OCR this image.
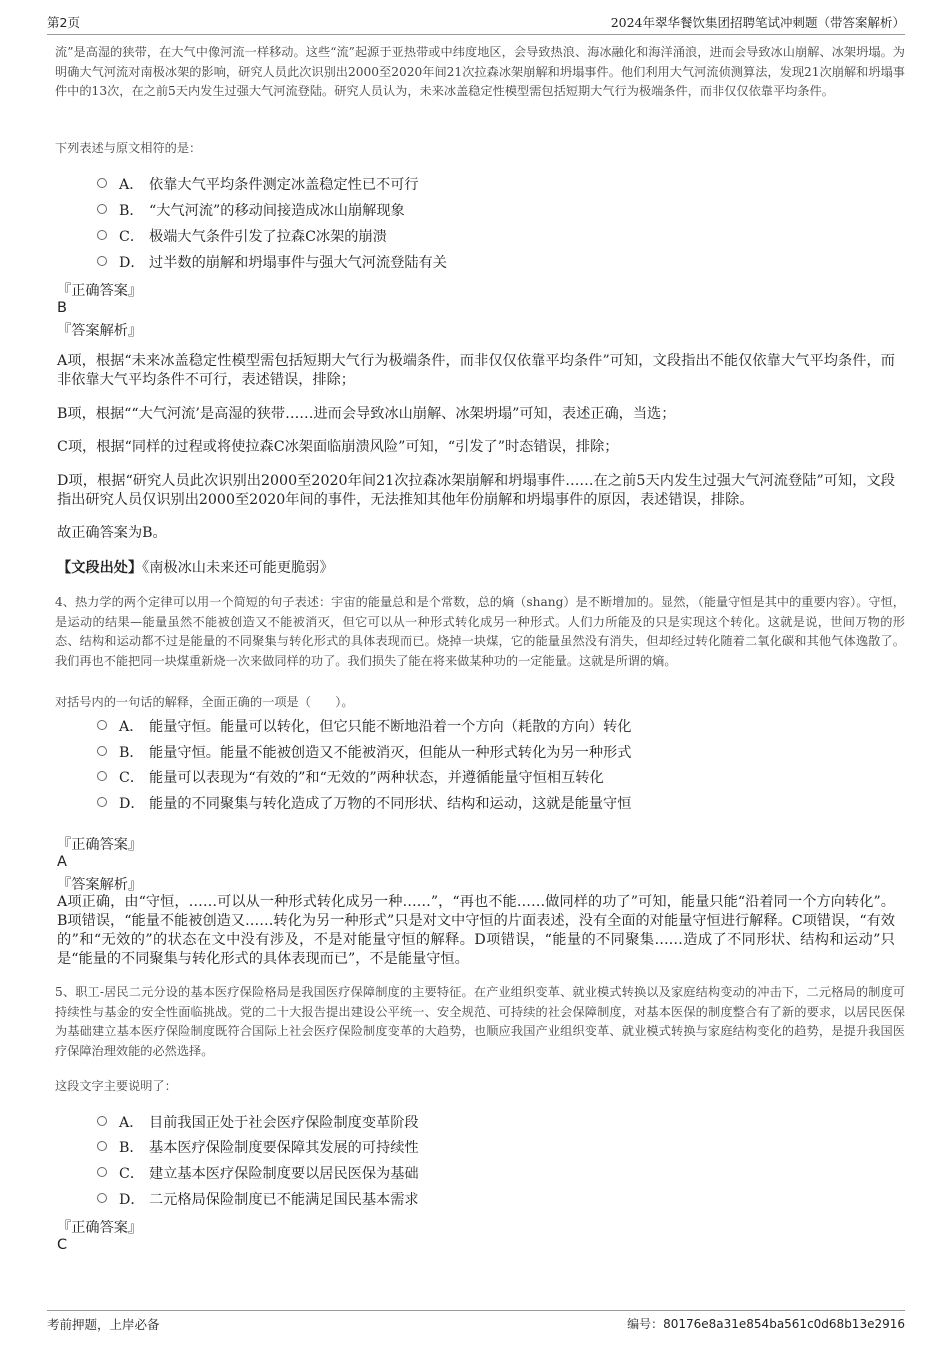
第2页	2024年翠华餐饮集团招聘笔试冲刺题（带答案解析）
流”是高湿的狭带，在大气中像河流一样移动。这些“流”起源于亚热带或中纬度地区，会导致热浪、海冰融化和海洋涌浪，进而会导致冰山崩解、冰架坍塌。为明确大气河流对南极冰架的影响，研究人员此次识别出2000至2020年间21次拉森冰架崩解和坍塌事件。他们利用大气河流侦测算法，发现21次崩解和坍塌事件中的13次，在之前5天内发生过强大气河流登陆。研究人员认为，未来冰盖稳定性模型需包括短期大气行为极端条件，而非仅仅依靠平均条件。
下列表述与原文相符的是：
A． 依靠大气平均条件测定冰盖稳定性已不可行
B． “大气河流”的移动间接造成冰山崩解现象
C． 极端大气条件引发了拉森C冰架的崩溃
D． 过半数的崩解和坍塌事件与强大气河流登陆有关
『正确答案』
B
『答案解析』
A项，根据“未来冰盖稳定性模型需包括短期大气行为极端条件，而非仅仅依靠平均条件”可知，文段指出不能仅依靠大气平均条件，而非依靠大气平均条件不可行，表述错误，排除；
B项，根据““大气河流’是高湿的狭带……进而会导致冰山崩解、冰架坍塌”可知，表述正确，当选；
C项，根据“同样的过程或将使拉森C冰架面临崩溃风险”可知，“引发了”时态错误，排除；
D项，根据“研究人员此次识别出2000至2020年间21次拉森冰架崩解和坍塌事件……在之前5天内发生过强大气河流登陆”可知，文段指出研究人员仅识别出2000至2020年间的事件，无法推知其他年份崩解和坍塌事件的原因，表述错误，排除。
故正确答案为B。
【文段出处】《南极冰山未来还可能更脆弱》
4、热力学的两个定律可以用一个简短的句子表述：宇宙的能量总和是个常数，总的熵（shang）是不断增加的。显然，（能量守恒是其中的重要内容）。守恒，是运动的结果—能量虽然不能被创造又不能被消灭，但它可以从一种形式转化成另一种形式。人们力所能及的只是实现这个转化。这就是说，世间万物的形态、结构和运动都不过是能量的不同聚集与转化形式的具体表现而已。烧掉一块煤，它的能量虽然没有消失，但却经过转化随着二氧化碳和其他气体逸散了。我们再也不能把同一块煤重新烧一次来做同样的功了。我们损失了能在将来做某种功的一定能量。这就是所谓的熵。
对括号内的一句话的解释，全面正确的一项是（　　）。
A． 能量守恒。能量可以转化，但它只能不断地沿着一个方向（耗散的方向）转化
B． 能量守恒。能量不能被创造又不能被消灭，但能从一种形式转化为另一种形式
C． 能量可以表现为“有效的”和“无效的”两种状态，并遵循能量守恒相互转化
D． 能量的不同聚集与转化造成了万物的不同形状、结构和运动，这就是能量守恒
『正确答案』
A
『答案解析』
A项正确，由“守恒，……可以从一种形式转化成另一种……”，“再也不能……做同样的功了”可知，能量只能“沿着同一个方向转化”。B项错误，“能量不能被创造又……转化为另一种形式”只是对文中守恒的片面表述，没有全面的对能量守恒进行解释。C项错误，“有效的”和“无效的”的状态在文中没有涉及，不是对能量守恒的解释。D项错误，“能量的不同聚集……造成了不同形状、结构和运动”只是“能量的不同聚集与转化形式的具体表现而已”，不是能量守恒。
5、职工-居民二元分设的基本医疗保险格局是我国医疗保障制度的主要特征。在产业组织变革、就业模式转换以及家庭结构变动的冲击下，二元格局的制度可持续性与基金的安全性面临挑战。党的二十大报告提出建设公平统一、安全规范、可持续的社会保障制度，对基本医保的制度整合有了新的要求，以居民医保为基础建立基本医疗保险制度既符合国际上社会医疗保险制度变革的大趋势，也顺应我国产业组织变革、就业模式转换与家庭结构变化的趋势，是提升我国医疗保障治理效能的必然选择。
这段文字主要说明了：
A． 目前我国正处于社会医疗保险制度变革阶段
B． 基本医疗保险制度要保障其发展的可持续性
C． 建立基本医疗保险制度要以居民医保为基础
D． 二元格局保险制度已不能满足国民基本需求
『正确答案』
C
考前押题，上岸必备	编号：80176e8a31e854ba561c0d68b13e2916
